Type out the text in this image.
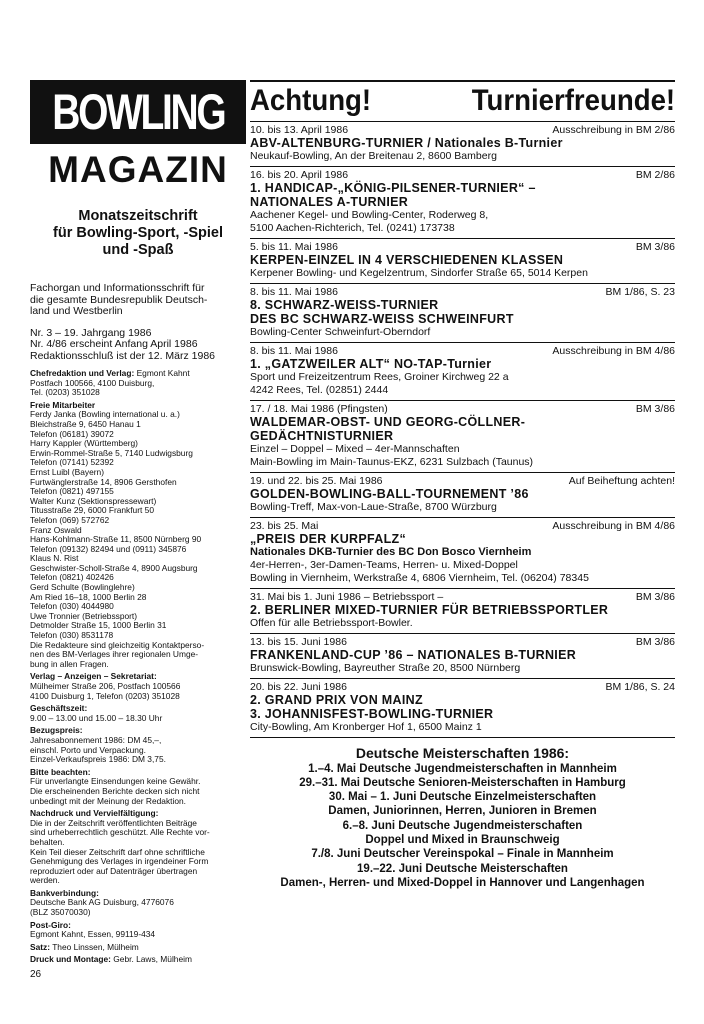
BOWLING
MAGAZIN
Monatszeitschrift
für Bowling-Sport, -Spiel
und -Spaß

Fachorgan und Informationsschrift für

die gesamte Bundesrepublik Deutsch-

land und Westberlin

Nr. 3 – 19. Jahrgang 1986

Nr. 4/86 erscheint Anfang April 1986

Redaktionsschluß ist der 12. März 1986

Chefredaktion und Verlag: Egmont Kahnt
Postfach 100566, 4100 Duisburg,
Tel. (0203) 351028
Freie Mitarbeiter
Ferdy Janka (Bowling international u. a.)
Bleichstraße 9, 6450 Hanau 1
Telefon (06181) 39072
Harry Kappler (Württemberg)
Erwin-Rommel-Straße 5, 7140 Ludwigsburg
Telefon (07141) 52392
Ernst Luibl (Bayern)
Furtwänglerstraße 14, 8906 Gersthofen
Telefon (0821) 497155
Walter Kunz (Sektionspressewart)
Titusstraße 29, 6000 Frankfurt 50
Telefon (069) 572762
Franz Oswald
Hans-Kohlmann-Straße 11, 8500 Nürnberg 90
Telefon (09132) 82494 und (0911) 345876
Klaus N. Rist
Geschwister-Scholl-Straße 4, 8900 Augsburg
Telefon (0821) 402426
Gerd Schulte (Bowlinglehre)
Am Ried 16–18, 1000 Berlin 28
Telefon (030) 4044980
Uwe Tronnier (Betriebssport)
Detmolder Straße 15, 1000 Berlin 31
Telefon (030) 8531178
Die Redakteure sind gleichzeitig Kontaktperso-
nen des BM-Verlages ihrer regionalen Umge-
bung in allen Fragen.
Verlag – Anzeigen – Sekretariat:
Mülheimer Straße 206, Postfach 100566
4100 Duisburg 1, Telefon (0203) 351028
Geschäftszeit:
9.00 – 13.00 und 15.00 – 18.30 Uhr
Bezugspreis:
Jahresabonnement 1986: DM 45,–,
einschl. Porto und Verpackung.
Einzel-Verkaufspreis 1986: DM 3,75.
Bitte beachten:
Für unverlangte Einsendungen keine Gewähr.
Die erscheinenden Berichte decken sich nicht
unbedingt mit der Meinung der Redaktion.
Nachdruck und Vervielfältigung:
Die in der Zeitschrift veröffentlichten Beiträge
sind urheberrechtlich geschützt. Alle Rechte vor-
behalten.
Kein Teil dieser Zeitschrift darf ohne schriftliche
Genehmigung des Verlages in irgendeiner Form
reproduziert oder auf Datenträger übertragen
werden.
Bankverbindung:
Deutsche Bank AG Duisburg, 4776076
(BLZ 35070030)
Post-Giro:
Egmont Kahnt, Essen, 99119-434
Satz: Theo Linssen, Mülheim
Druck und Montage: Gebr. Laws, Mülheim
26
Achtung!	Turnierfreunde!
10. bis 13. April 1986	Ausschreibung in BM 2/86
ABV-ALTENBURG-TURNIER / Nationales B-Turnier
Neukauf-Bowling, An der Breitenau 2, 8600 Bamberg
16. bis 20. April 1986	BM 2/86
1. HANDICAP-„KÖNIG-PILSENER-TURNIER“ –
NATIONALES A-TURNIER
Aachener Kegel- und Bowling-Center, Roderweg 8,
5100 Aachen-Richterich, Tel. (0241) 173738
5. bis 11. Mai 1986	BM 3/86
KERPEN-EINZEL IN 4 VERSCHIEDENEN KLASSEN
Kerpener Bowling- und Kegelzentrum, Sindorfer Straße 65, 5014 Kerpen
8. bis 11. Mai 1986	BM 1/86, S. 23
8. SCHWARZ-WEISS-TURNIER
DES BC SCHWARZ-WEISS SCHWEINFURT
Bowling-Center Schweinfurt-Oberndorf
8. bis 11. Mai 1986	Ausschreibung in BM 4/86
1. „GATZWEILER ALT“ NO-TAP-Turnier
Sport und Freizeitzentrum Rees, Groiner Kirchweg 22 a
4242 Rees, Tel. (02851) 2444
17. / 18. Mai 1986 (Pfingsten)	BM 3/86
WALDEMAR-OBST- UND GEORG-CÖLLNER-
GEDÄCHTNISTURNIER
Einzel – Doppel – Mixed – 4er-Mannschaften
Main-Bowling im Main-Taunus-EKZ, 6231 Sulzbach (Taunus)
19. und 22. bis 25. Mai 1986	Auf Beiheftung achten!
GOLDEN-BOWLING-BALL-TOURNEMENT ’86
Bowling-Treff, Max-von-Laue-Straße, 8700 Würzburg
23. bis 25. Mai	Ausschreibung in BM 4/86
„PREIS DER KURPFALZ“
Nationales DKB-Turnier des BC Don Bosco Viernheim
4er-Herren-, 3er-Damen-Teams, Herren- u. Mixed-Doppel
Bowling in Viernheim, Werkstraße 4, 6806 Viernheim, Tel. (06204) 78345
31. Mai bis 1. Juni 1986 – Betriebssport –	BM 3/86
2. BERLINER MIXED-TURNIER FÜR BETRIEBSSPORTLER
Offen für alle Betriebssport-Bowler.
13. bis 15. Juni 1986	BM 3/86
FRANKENLAND-CUP ’86 – NATIONALES B-TURNIER
Brunswick-Bowling, Bayreuther Straße 20, 8500 Nürnberg
20. bis 22. Juni 1986	BM 1/86, S. 24
2. GRAND PRIX VON MAINZ
3. JOHANNISFEST-BOWLING-TURNIER
City-Bowling, Am Kronberger Hof 1, 6500 Mainz 1
Deutsche Meisterschaften 1986:
1.–4. Mai Deutsche Jugendmeisterschaften in Mannheim
29.–31. Mai Deutsche Senioren-Meisterschaften in Hamburg
30. Mai – 1. Juni Deutsche Einzelmeisterschaften
Damen, Juniorinnen, Herren, Junioren in Bremen
6.–8. Juni Deutsche Jugendmeisterschaften
Doppel und Mixed in Braunschweig
7./8. Juni Deutscher Vereinspokal – Finale in Mannheim
19.–22. Juni Deutsche Meisterschaften
Damen-, Herren- und Mixed-Doppel in Hannover und Langenhagen
